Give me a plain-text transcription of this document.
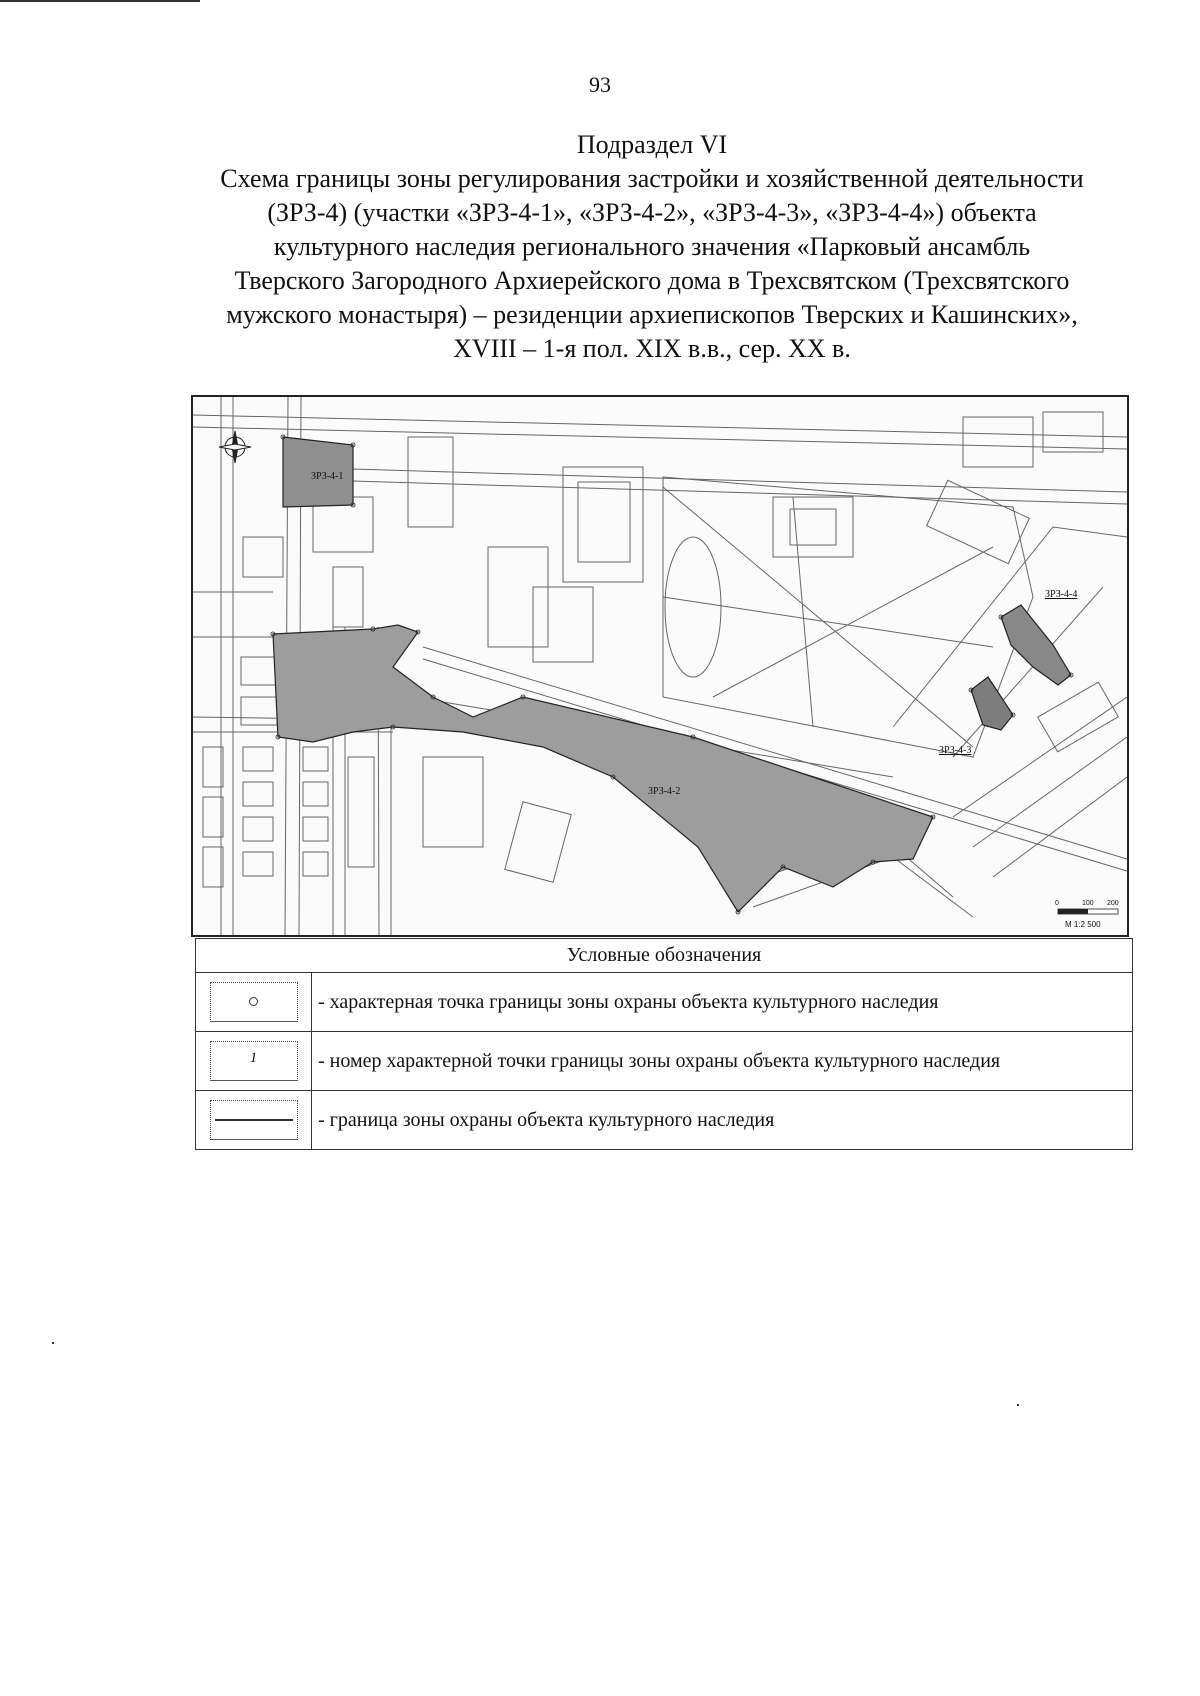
93
Подраздел VI
Схема границы зоны регулирования застройки и хозяйственной деятельности
(ЗРЗ-4) (участки «ЗРЗ-4-1», «ЗРЗ-4-2», «ЗРЗ-4-3», «ЗРЗ-4-4») объекта
культурного наследия регионального значения «Парковый ансамбль
Тверского Загородного Архиерейского дома в Трехсвятском (Трехсвятского
мужского монастыря) – резиденции архиепископов Тверских и Кашинских»,
XVIII – 1-я пол. XIX в.в., сер. XX в.
ЗРЗ-4-1
ЗРЗ-4-2
ЗРЗ-4-3
ЗРЗ-4-4
0	100 200
М 1:2 500
Условные обозначения	

	- характерная точка границы зоны охраны объекта культурного наследия

1	- номер характерной точки границы зоны охраны объекта культурного наследия

	- граница зоны охраны объекта культурного наследия
